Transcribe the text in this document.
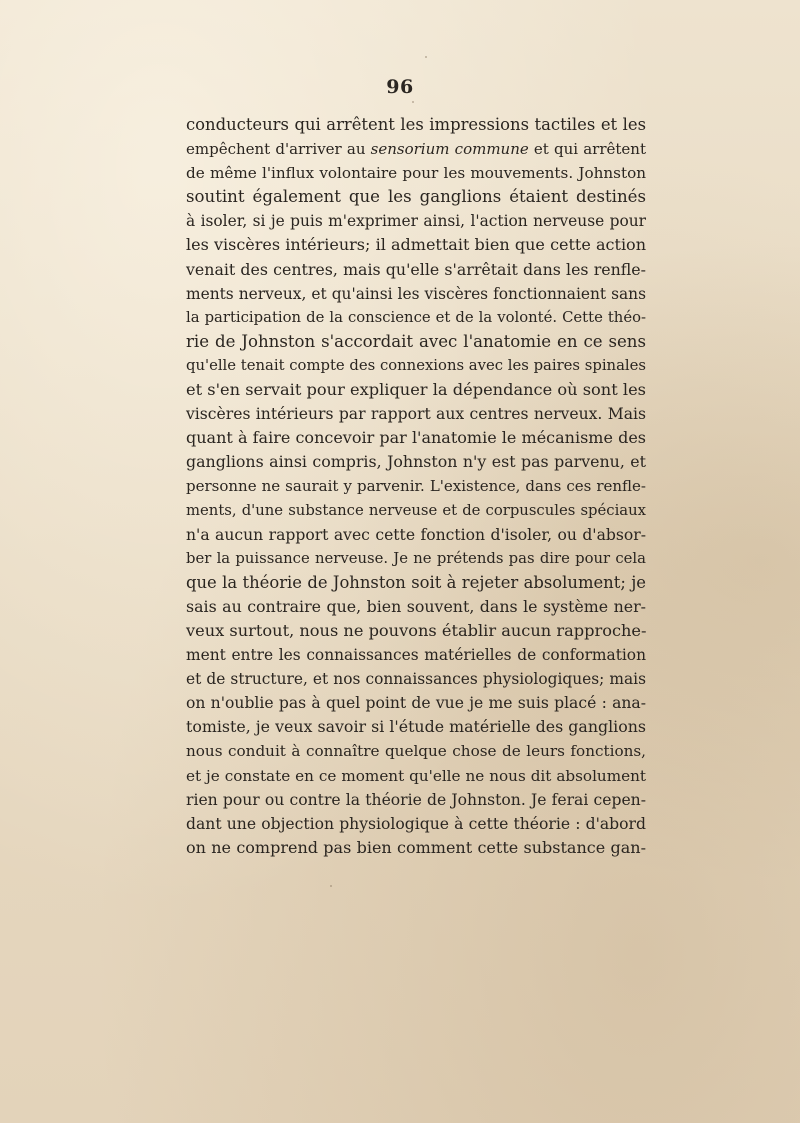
96
conducteurs qui arrêtent les impressions tactiles et les
empêchent d'arriver au sensorium commune et qui arrêtent
de même l'influx volontaire pour les mouvements. Johnston
soutint également que les ganglions étaient destinés
à isoler, si je puis m'exprimer ainsi, l'action nerveuse pour
les viscères intérieurs; il admettait bien que cette action
venait des centres, mais qu'elle s'arrêtait dans les renfle-
ments nerveux, et qu'ainsi les viscères fonctionnaient sans
la participation de la conscience et de la volonté. Cette théo-
rie de Johnston s'accordait avec l'anatomie en ce sens
qu'elle tenait compte des connexions avec les paires spinales
et s'en servait pour expliquer la dépendance où sont les
viscères intérieurs par rapport aux centres nerveux. Mais
quant à faire concevoir par l'anatomie le mécanisme des
ganglions ainsi compris, Johnston n'y est pas parvenu, et
personne ne saurait y parvenir. L'existence, dans ces renfle-
ments, d'une substance nerveuse et de corpuscules spéciaux
n'a aucun rapport avec cette fonction d'isoler, ou d'absor-
ber la puissance nerveuse. Je ne prétends pas dire pour cela
que la théorie de Johnston soit à rejeter absolument; je
sais au contraire que, bien souvent, dans le système ner-
veux surtout, nous ne pouvons établir aucun rapproche-
ment entre les connaissances matérielles de conformation
et de structure, et nos connaissances physiologiques; mais
on n'oublie pas à quel point de vue je me suis placé : ana-
tomiste, je veux savoir si l'étude matérielle des ganglions
nous conduit à connaître quelque chose de leurs fonctions,
et je constate en ce moment qu'elle ne nous dit absolument
rien pour ou contre la théorie de Johnston. Je ferai cepen-
dant une objection physiologique à cette théorie : d'abord
on ne comprend pas bien comment cette substance gan-
